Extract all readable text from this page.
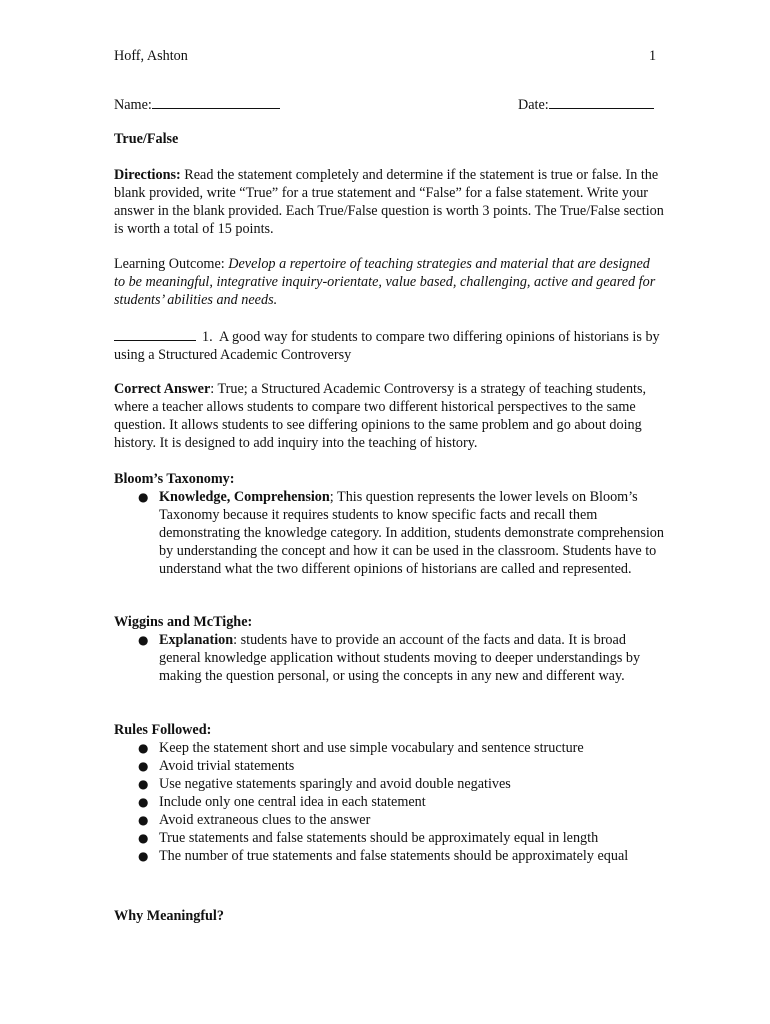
Hoff, Ashton	1
Name:	Date:
True/False
Directions: Read the statement completely and determine if the statement is true or false. In the blank provided, write “True” for a true statement and “False” for a false statement. Write your answer in the blank provided. Each True/False question is worth 3 points. The True/False section is worth a total of 15 points.
Learning Outcome: Develop a repertoire of teaching strategies and material that are designed to be meaningful, integrative inquiry-orientate, value based, challenging, active and geared for students’ abilities and needs.
1. A good way for students to compare two differing opinions of historians is by using a Structured Academic Controversy
Correct Answer: True; a Structured Academic Controversy is a strategy of teaching students, where a teacher allows students to compare two different historical perspectives to the same question. It allows students to see differing opinions to the same problem and go about doing history. It is designed to add inquiry into the teaching of history.
Bloom’s Taxonomy:
● Knowledge, Comprehension; This question represents the lower levels on Bloom’s Taxonomy because it requires students to know specific facts and recall them demonstrating the knowledge category. In addition, students demonstrate comprehension by understanding the concept and how it can be used in the classroom. Students have to understand what the two different opinions of historians are called and represented.
Wiggins and McTighe:
● Explanation: students have to provide an account of the facts and data. It is broad general knowledge application without students moving to deeper understandings by making the question personal, or using the concepts in any new and different way.
Rules Followed:
● Keep the statement short and use simple vocabulary and sentence structure
● Avoid trivial statements
● Use negative statements sparingly and avoid double negatives
● Include only one central idea in each statement
● Avoid extraneous clues to the answer
● True statements and false statements should be approximately equal in length
● The number of true statements and false statements should be approximately equal
Why Meaningful?
